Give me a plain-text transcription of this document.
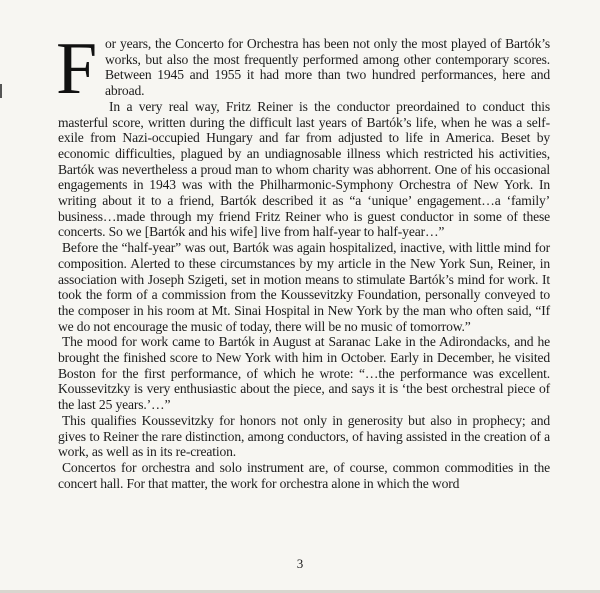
For years, the Concerto for Orchestra has been not only the most played of Bartók’s works, but also the most frequently performed among other contemporary scores. Between 1945 and 1955 it had more than two hundred performances, here and abroad.

In a very real way, Fritz Reiner is the conductor preordained to conduct this masterful score, written during the difficult last years of Bartók’s life, when he was a self-exile from Nazi-occupied Hungary and far from adjusted to life in America. Beset by economic difficulties, plagued by an undiagnosable illness which restricted his activities, Bartók was nevertheless a proud man to whom charity was abhorrent. One of his occasional engagements in 1943 was with the Philharmonic-Symphony Orchestra of New York. In writing about it to a friend, Bartók described it as “a ‘unique’ engagement…a ‘family’ business…made through my friend Fritz Reiner who is guest conductor in some of these concerts. So we [Bartók and his wife] live from half-year to half-year…”

Before the “half-year” was out, Bartók was again hospitalized, inactive, with little mind for composition. Alerted to these circumstances by my article in the New York Sun, Reiner, in association with Joseph Szigeti, set in motion means to stimulate Bartók’s mind for work. It took the form of a commission from the Koussevitzky Foundation, personally conveyed to the composer in his room at Mt. Sinai Hospital in New York by the man who often said, “If we do not encourage the music of today, there will be no music of tomorrow.”

The mood for work came to Bartók in August at Saranac Lake in the Adirondacks, and he brought the finished score to New York with him in October. Early in December, he visited Boston for the first performance, of which he wrote: “…the performance was excellent. Koussevitzky is very enthusiastic about the piece, and says it is ‘the best orchestral piece of the last 25 years.’…”

This qualifies Koussevitzky for honors not only in generosity but also in prophecy; and gives to Reiner the rare distinction, among conductors, of having assisted in the creation of a work, as well as in its re-creation.

Concertos for orchestra and solo instrument are, of course, common commodities in the concert hall. For that matter, the work for orchestra alone in which the word

3
